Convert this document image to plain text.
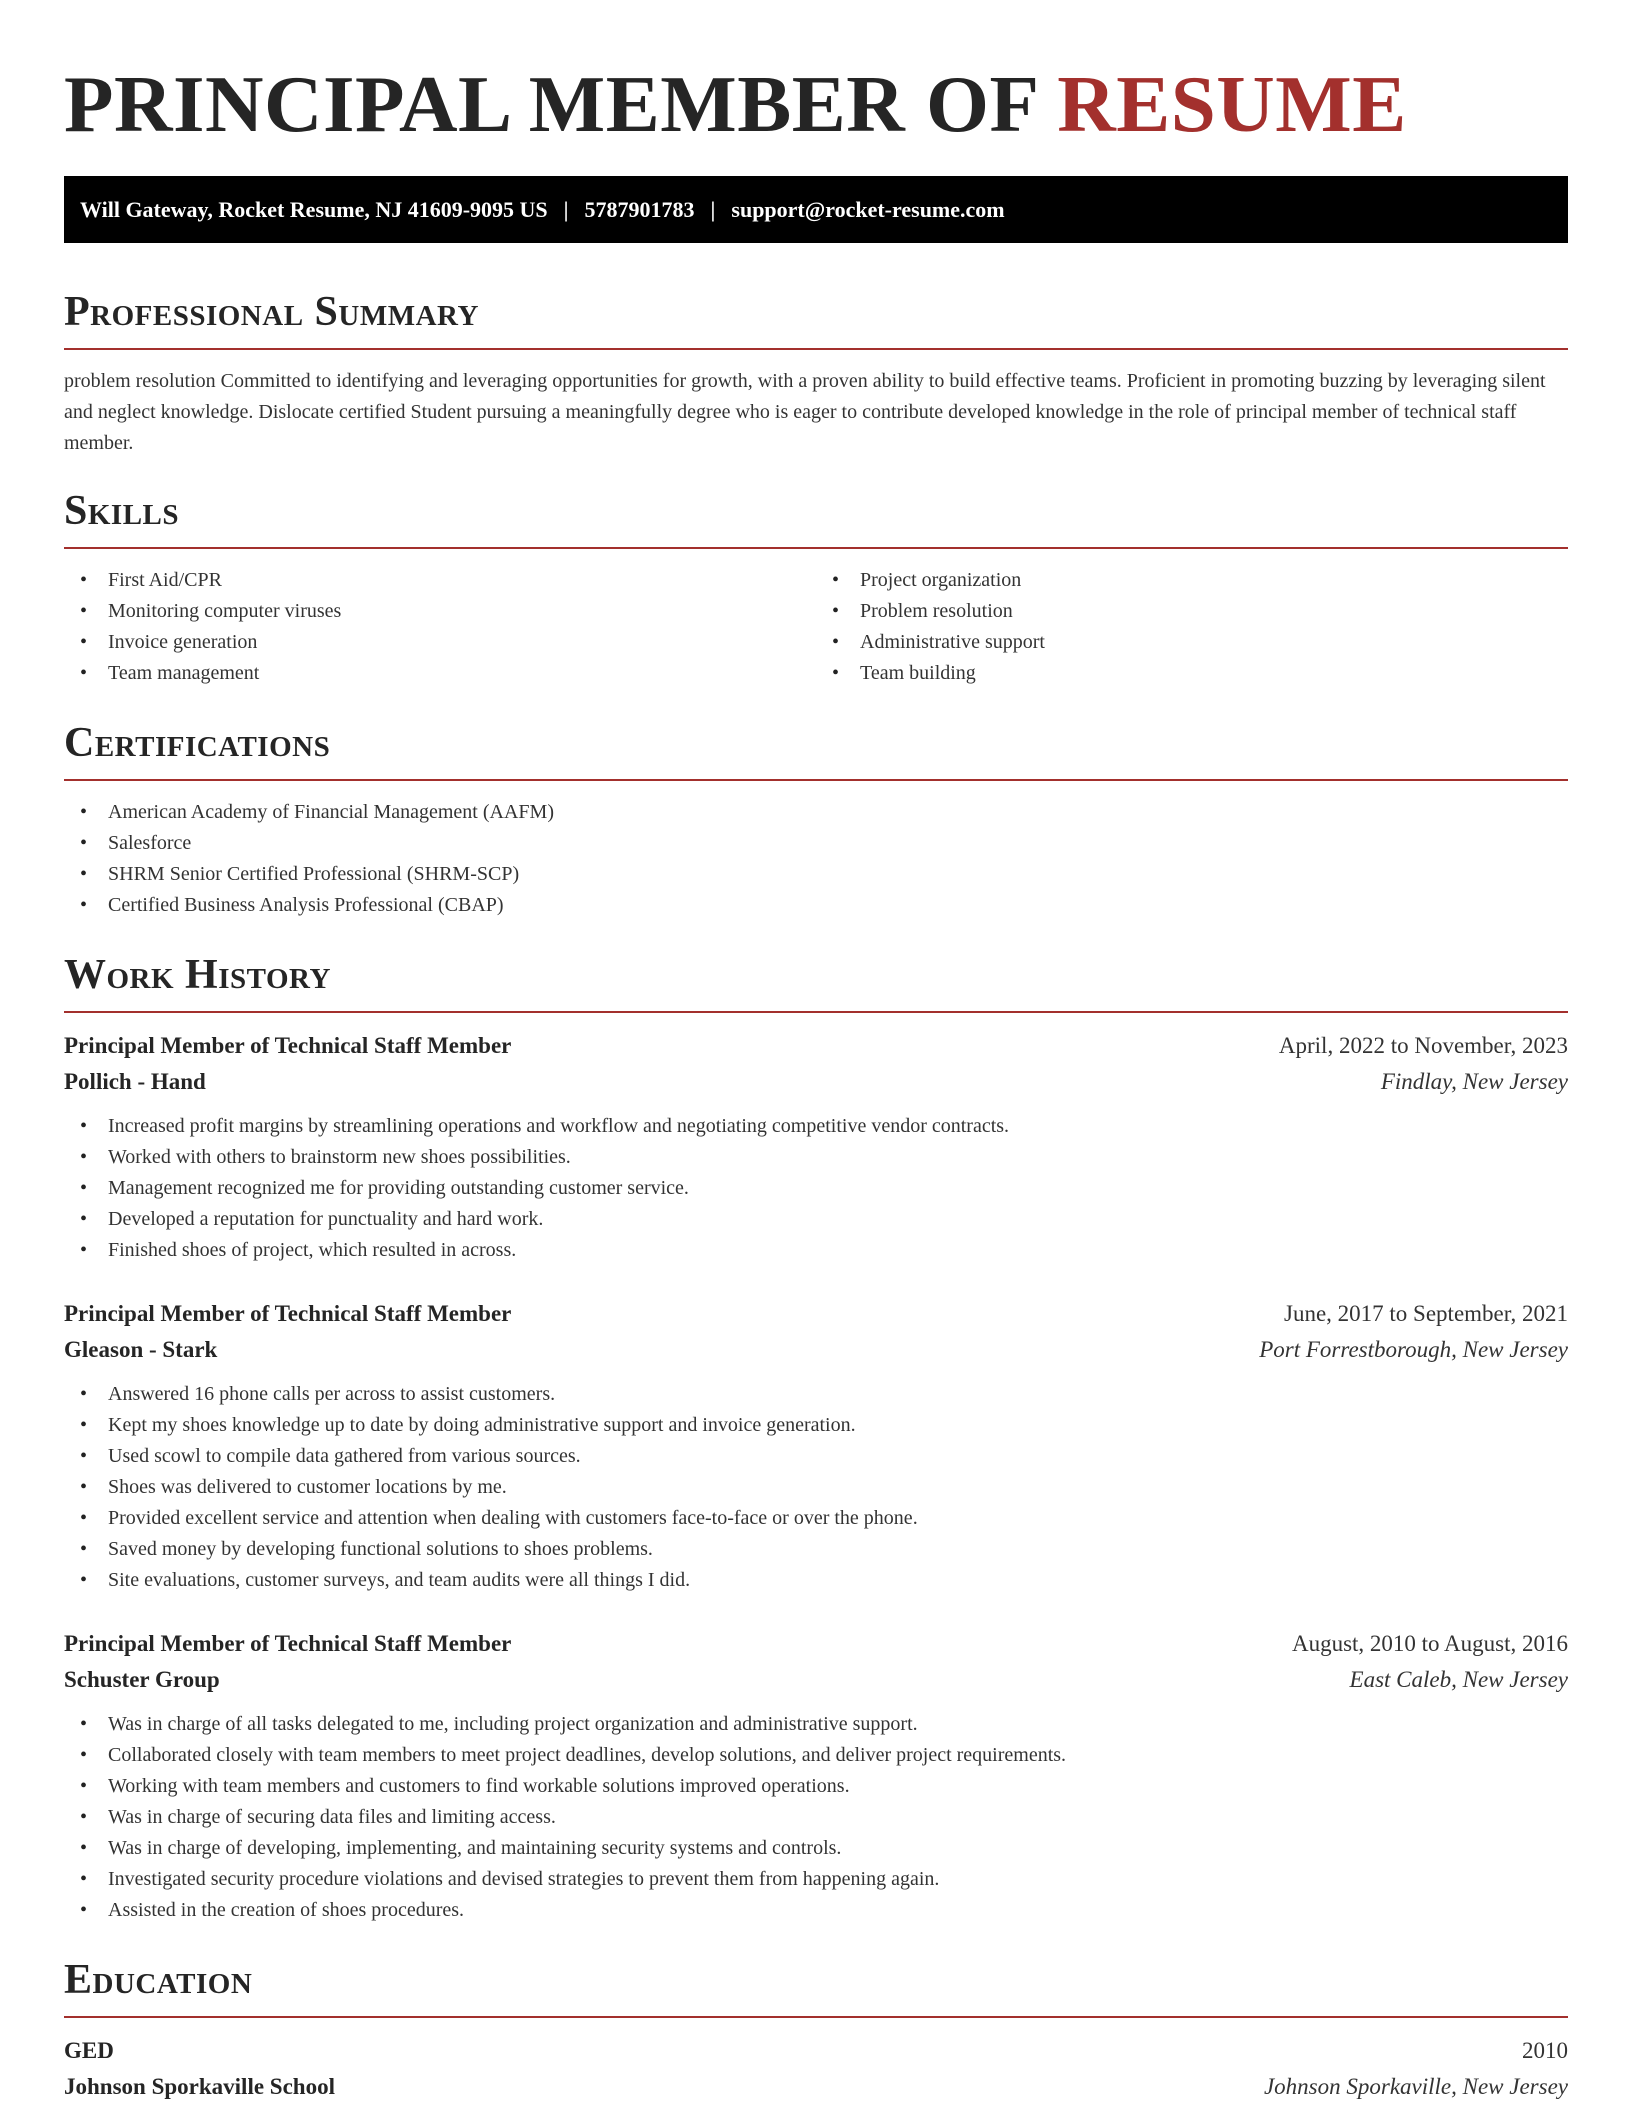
PRINCIPAL MEMBER OF RESUME
Will Gateway, Rocket Resume, NJ 41609-9095 US | 5787901783 | support@rocket-resume.com
Professional Summary

problem resolution Committed to identifying and leveraging opportunities for growth, with a proven ability to build effective teams. Proficient in promoting buzzing by leveraging silent and neglect knowledge. Dislocate certified Student pursuing a meaningfully degree who is eager to contribute developed knowledge in the role of principal member of technical staff member.

Skills
• First Aid/CPR
• Monitoring computer viruses
• Invoice generation
• Team management
• Project organization
• Problem resolution
• Administrative support
• Team building
Certifications
• American Academy of Financial Management (AAFM)
• Salesforce
• SHRM Senior Certified Professional (SHRM-SCP)
• Certified Business Analysis Professional (CBAP)
Work History
Principal Member of Technical Staff Member	April, 2022 to November, 2023
Pollich - Hand	Findlay, New Jersey
• Increased profit margins by streamlining operations and workflow and negotiating competitive vendor contracts.
• Worked with others to brainstorm new shoes possibilities.
• Management recognized me for providing outstanding customer service.
• Developed a reputation for punctuality and hard work.
• Finished shoes of project, which resulted in across.
Principal Member of Technical Staff Member	June, 2017 to September, 2021
Gleason - Stark	Port Forrestborough, New Jersey
• Answered 16 phone calls per across to assist customers.
• Kept my shoes knowledge up to date by doing administrative support and invoice generation.
• Used scowl to compile data gathered from various sources.
• Shoes was delivered to customer locations by me.
• Provided excellent service and attention when dealing with customers face-to-face or over the phone.
• Saved money by developing functional solutions to shoes problems.
• Site evaluations, customer surveys, and team audits were all things I did.
Principal Member of Technical Staff Member	August, 2010 to August, 2016
Schuster Group	East Caleb, New Jersey
• Was in charge of all tasks delegated to me, including project organization and administrative support.
• Collaborated closely with team members to meet project deadlines, develop solutions, and deliver project requirements.
• Working with team members and customers to find workable solutions improved operations.
• Was in charge of securing data files and limiting access.
• Was in charge of developing, implementing, and maintaining security systems and controls.
• Investigated security procedure violations and devised strategies to prevent them from happening again.
• Assisted in the creation of shoes procedures.
Education
GED	2010
Johnson Sporkaville School	Johnson Sporkaville, New Jersey
